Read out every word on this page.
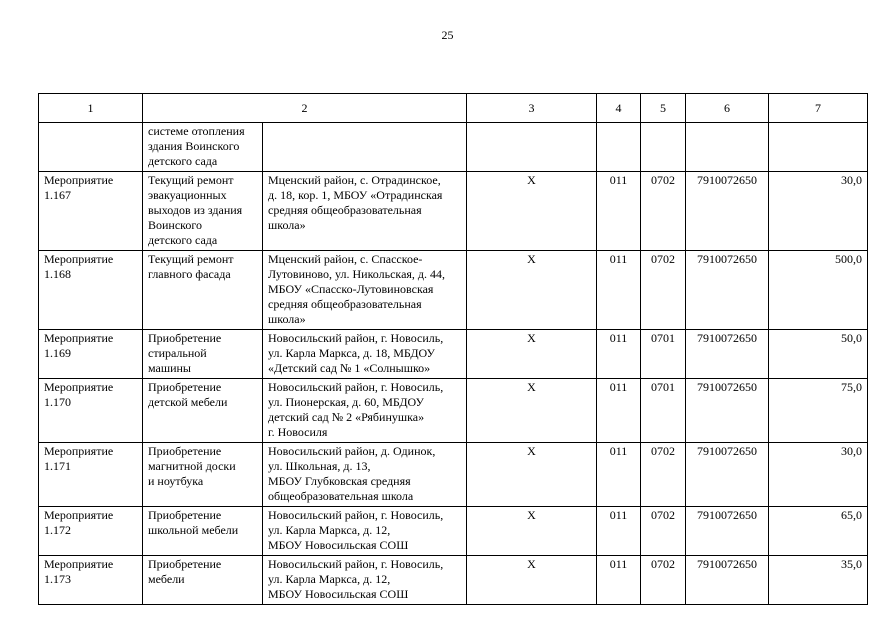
25
1	2		3	4	5	6	7

	системе отопления
здания Воинского
детского сада						

Мероприятие
1.167	Текущий ремонт
эвакуационных
выходов из здания
Воинского
детского сада	Мценский район, с. Отрадинское,
д. 18, кор. 1, МБОУ «Отрадинская
средняя общеобразовательная
школа»	X	011	0702	7910072650	30,0

Мероприятие
1.168	Текущий ремонт
главного фасада	Мценский район, с. Спасское-
Лутовиново, ул. Никольская, д. 44,
МБОУ «Спасско-Лутовиновская
средняя общеобразовательная
школа»	X	011	0702	7910072650	500,0

Мероприятие
1.169	Приобретение
стиральной
машины	Новосильский район, г. Новосиль,
ул. Карла Маркса, д. 18, МБДОУ
«Детский сад № 1 «Солнышко»	X	011	0701	7910072650	50,0

Мероприятие
1.170	Приобретение
детской мебели	Новосильский район, г. Новосиль,
ул. Пионерская, д. 60, МБДОУ
детский сад № 2 «Рябинушка»
г. Новосиля	X	011	0701	7910072650	75,0

Мероприятие
1.171	Приобретение
магнитной доски
и ноутбука	Новосильский район, д. Одинок,
ул. Школьная, д. 13,
МБОУ Глубковская средняя
общеобразовательная школа	X	011	0702	7910072650	30,0

Мероприятие
1.172	Приобретение
школьной мебели	Новосильский район, г. Новосиль,
ул. Карла Маркса, д. 12,
МБОУ Новосильская СОШ	X	011	0702	7910072650	65,0

Мероприятие
1.173	Приобретение
мебели	Новосильский район, г. Новосиль,
ул. Карла Маркса, д. 12,
МБОУ Новосильская СОШ	X	011	0702	7910072650	35,0
